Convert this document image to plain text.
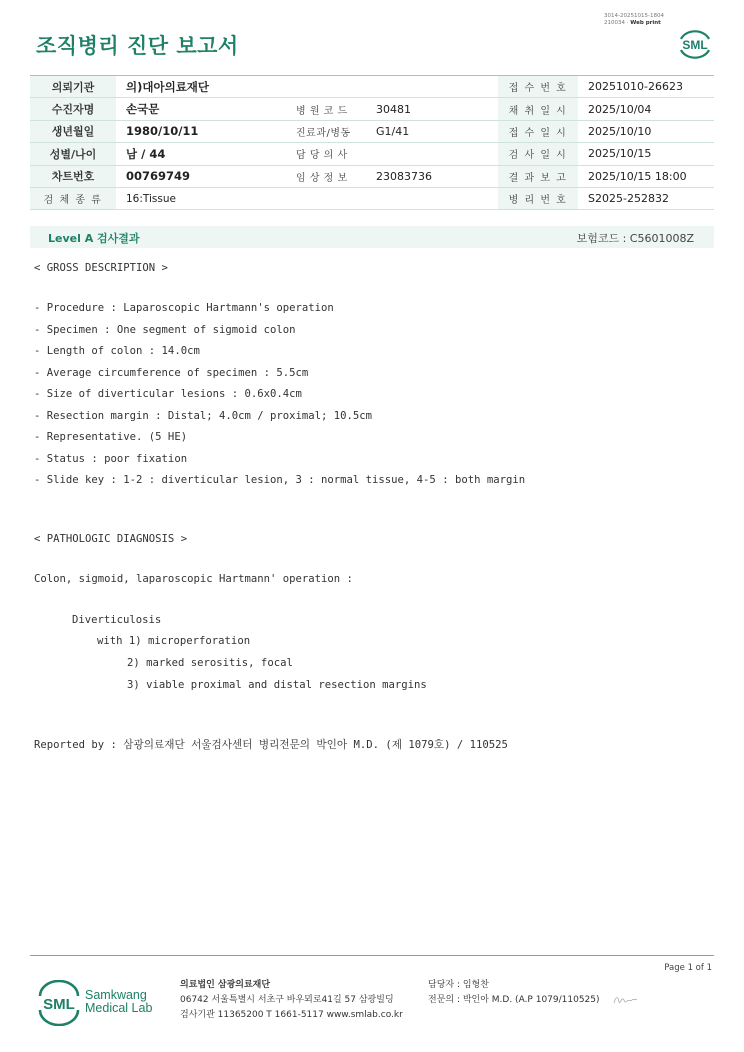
조직병리 진단 보고서
3014-20251015-1804
210034 · Web print
SML
의뢰기관	의)대아의료재단			접 수 번 호	20251010-26623
수진자명	손국문	병 원 코 드	30481	채 취 일 시	2025/10/04
생년월일	1980/10/11	진료과/병동	G1/41	접 수 일 시	2025/10/10
성별/나이	남 / 44	담 당 의 사		검 사 일 시	2025/10/15
차트번호	00769749	임 상 정 보	23083736	결 과 보 고	2025/10/15 18:00
검 체 종 류	16:Tissue			병 리 번 호	S2025-252832
Level A 검사결과	보험코드 : C5601008Z
< GROSS DESCRIPTION >
- Procedure : Laparoscopic Hartmann's operation
- Specimen : One segment of sigmoid colon
- Length of colon : 14.0cm
- Average circumference of specimen : 5.5cm
- Size of diverticular lesions : 0.6x0.4cm
- Resection margin : Distal; 4.0cm / proximal; 10.5cm
- Representative. (5 HE)
- Status : poor fixation
- Slide key : 1-2 : diverticular lesion, 3 : normal tissue, 4-5 : both margin
< PATHOLOGIC DIAGNOSIS >
Colon, sigmoid, laparoscopic Hartmann' operation :
Diverticulosis
with 1) microperforation
2) marked serositis, focal
3) viable proximal and distal resection margins
Reported by : 삼광의료재단 서울검사센터 병리전문의 박인아 M.D. (제 1079호) / 110525
Page 1 of 1
SML
Samkwang
Medical Lab
의료법인 삼광의료재단
06742 서울특별시 서초구 바우뫼로41길 57 삼광빌딩
검사기관 11365200 T 1661-5117 www.smlab.co.kr
담당자 : 임형찬
전문의 : 박인아 M.D. (A.P 1079/110525)
